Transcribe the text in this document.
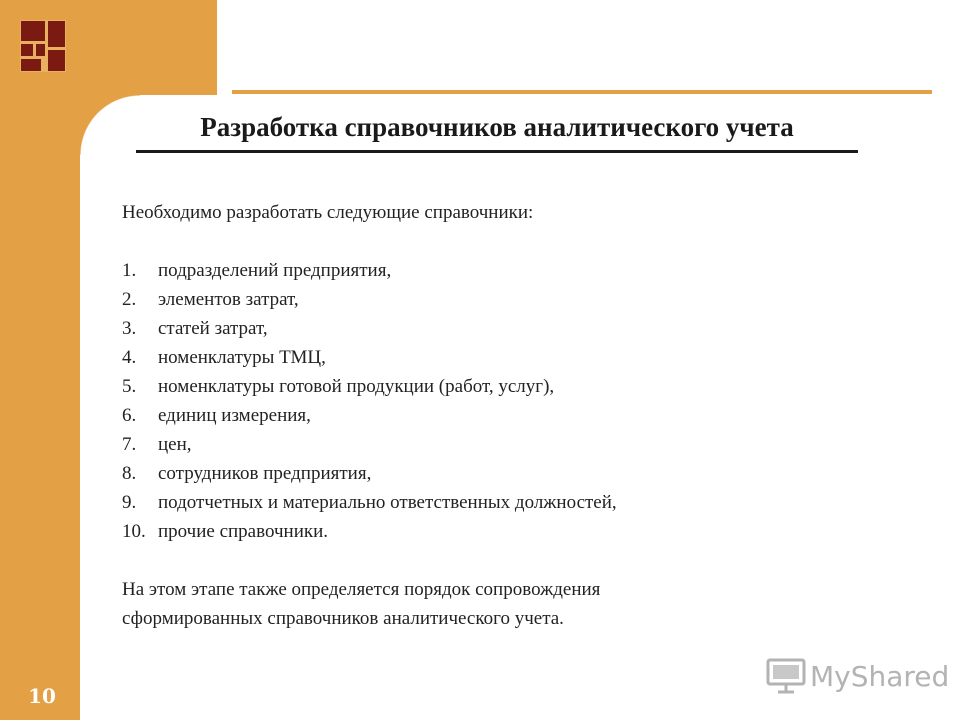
Разработка справочников аналитического учета

Необходимо разработать следующие справочники:

1.	подразделений предприятия,
2.	элементов затрат,
3.	статей затрат,
4.	номенклатуры ТМЦ,
5.	номенклатуры готовой продукции (работ, услуг),
6.	единиц измерения,
7.	цен,
8.	сотрудников предприятия,
9.	подотчетных и материально ответственных должностей,
10. прочие справочники.

На этом этапе также определяется порядок сопровождения

сформированных справочников аналитического учета.

10
MyShared
